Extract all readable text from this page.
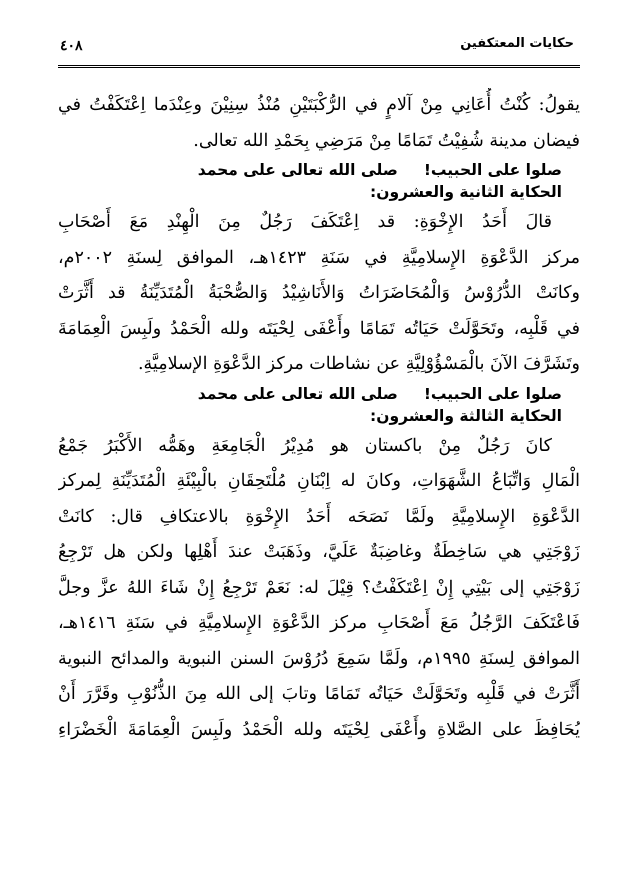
حكايات المعتكفين
٤٠٨
يقولُ: كُنْتُ أُعَانِي مِنْ آلامٍ في الرُّكْبَتَيْنِ مُنْذُ سِنِيْنَ وعِنْدَما اِعْتَكَفْتُ في
فيضان مدينة شُفِيْتُ تَمَامًا مِنْ مَرَضِي بِحَمْدِ الله تعالى.
صلوا على الحبيب!صلى الله تعالى على محمد
الحكاية الثانية والعشرون:
قالَ أَحَدُ الإِخْوَةِ: قد اِعْتَكَفَ رَجُلٌ مِنَ الْهِنْدِ مَعَ أَصْحَابِ
مركز الدَّعْوَةِ الإِسلامِيَّةِ في سَنَةِ ١٤٢٣هـ، الموافق لِسنَةِ ٢٠٠٢م،
وكانَتْ الدُّرُوْسُ وَالْمُحَاضَرَاتُ وَالأَنَاشِيْدُ وَالصُّحْبَةُ الْمُتَدَيِّنَةُ قد أَثَّرَتْ
في قَلْبِه، وتَحَوَّلَتْ حَيَاتُه تَمَامًا وأَعْفَى لِحْيَتَه ولله الْحَمْدُ ولَبِسَ الْعِمَامَةَ
وتَشَرَّفَ الآنَ بالْمَسْؤُوْلِيَّةِ عن نشاطات مركز الدَّعْوَةِ الإسلامِيَّةِ.
صلوا على الحبيب!صلى الله تعالى على محمد
الحكاية الثالثة والعشرون:
كانَ رَجُلٌ مِنْ باكستان هو مُدِيْرُ الْجَامِعَةِ وهَمُّه الأَكْبَرُ جَمْعُ
الْمَالِ وَاتِّبَاعُ الشَّهَوَاتِ، وكانَ له اِبْنَانِ مُلْتَحِقَانِ بالْبِيْئَةِ الْمُتَدَيِّنَةِ لِمركز
الدَّعْوَةِ الإِسلامِيَّةِ ولَمَّا نَصَحَه أَحَدُ الإِخْوَةِ بالاعتكافِ قال: كانَتْ
زَوْجَتِي هي سَاخِطَةٌ وغاضِبَةٌ عَلَيَّ، وذَهَبَتْ عندَ أَهْلِها ولكن هل تَرْجِعُ
زَوْجَتِي إلى بَيْتِي إِنْ اِعْتَكَفْتُ؟ قِيْلَ له: نَعَمْ تَرْجِعُ إِنْ شَاءَ اللهُ عزَّ وجلَّ
فَاعْتَكَفَ الرَّجُلُ مَعَ أَصْحَابِ مركز الدَّعْوَةِ الإِسلامِيَّةِ في سَنَةِ ١٤١٦هـ،
الموافق لِسنَةِ ١٩٩٥م، ولَمَّا سَمِعَ دُرُوْسَ السنن النبوية والمدائح النبوية
أَثَّرَتْ في قَلْبِه وتَحَوَّلَتْ حَيَاتُه تَمَامًا وتابَ إلى الله مِنَ الذُّنُوْبِ وقَرَّرَ أَنْ
يُحَافِظَ على الصَّلاةِ وأَعْفَى لِحْيَتَه ولله الْحَمْدُ ولَبِسَ الْعِمَامَةَ الْخَضْرَاءِ
